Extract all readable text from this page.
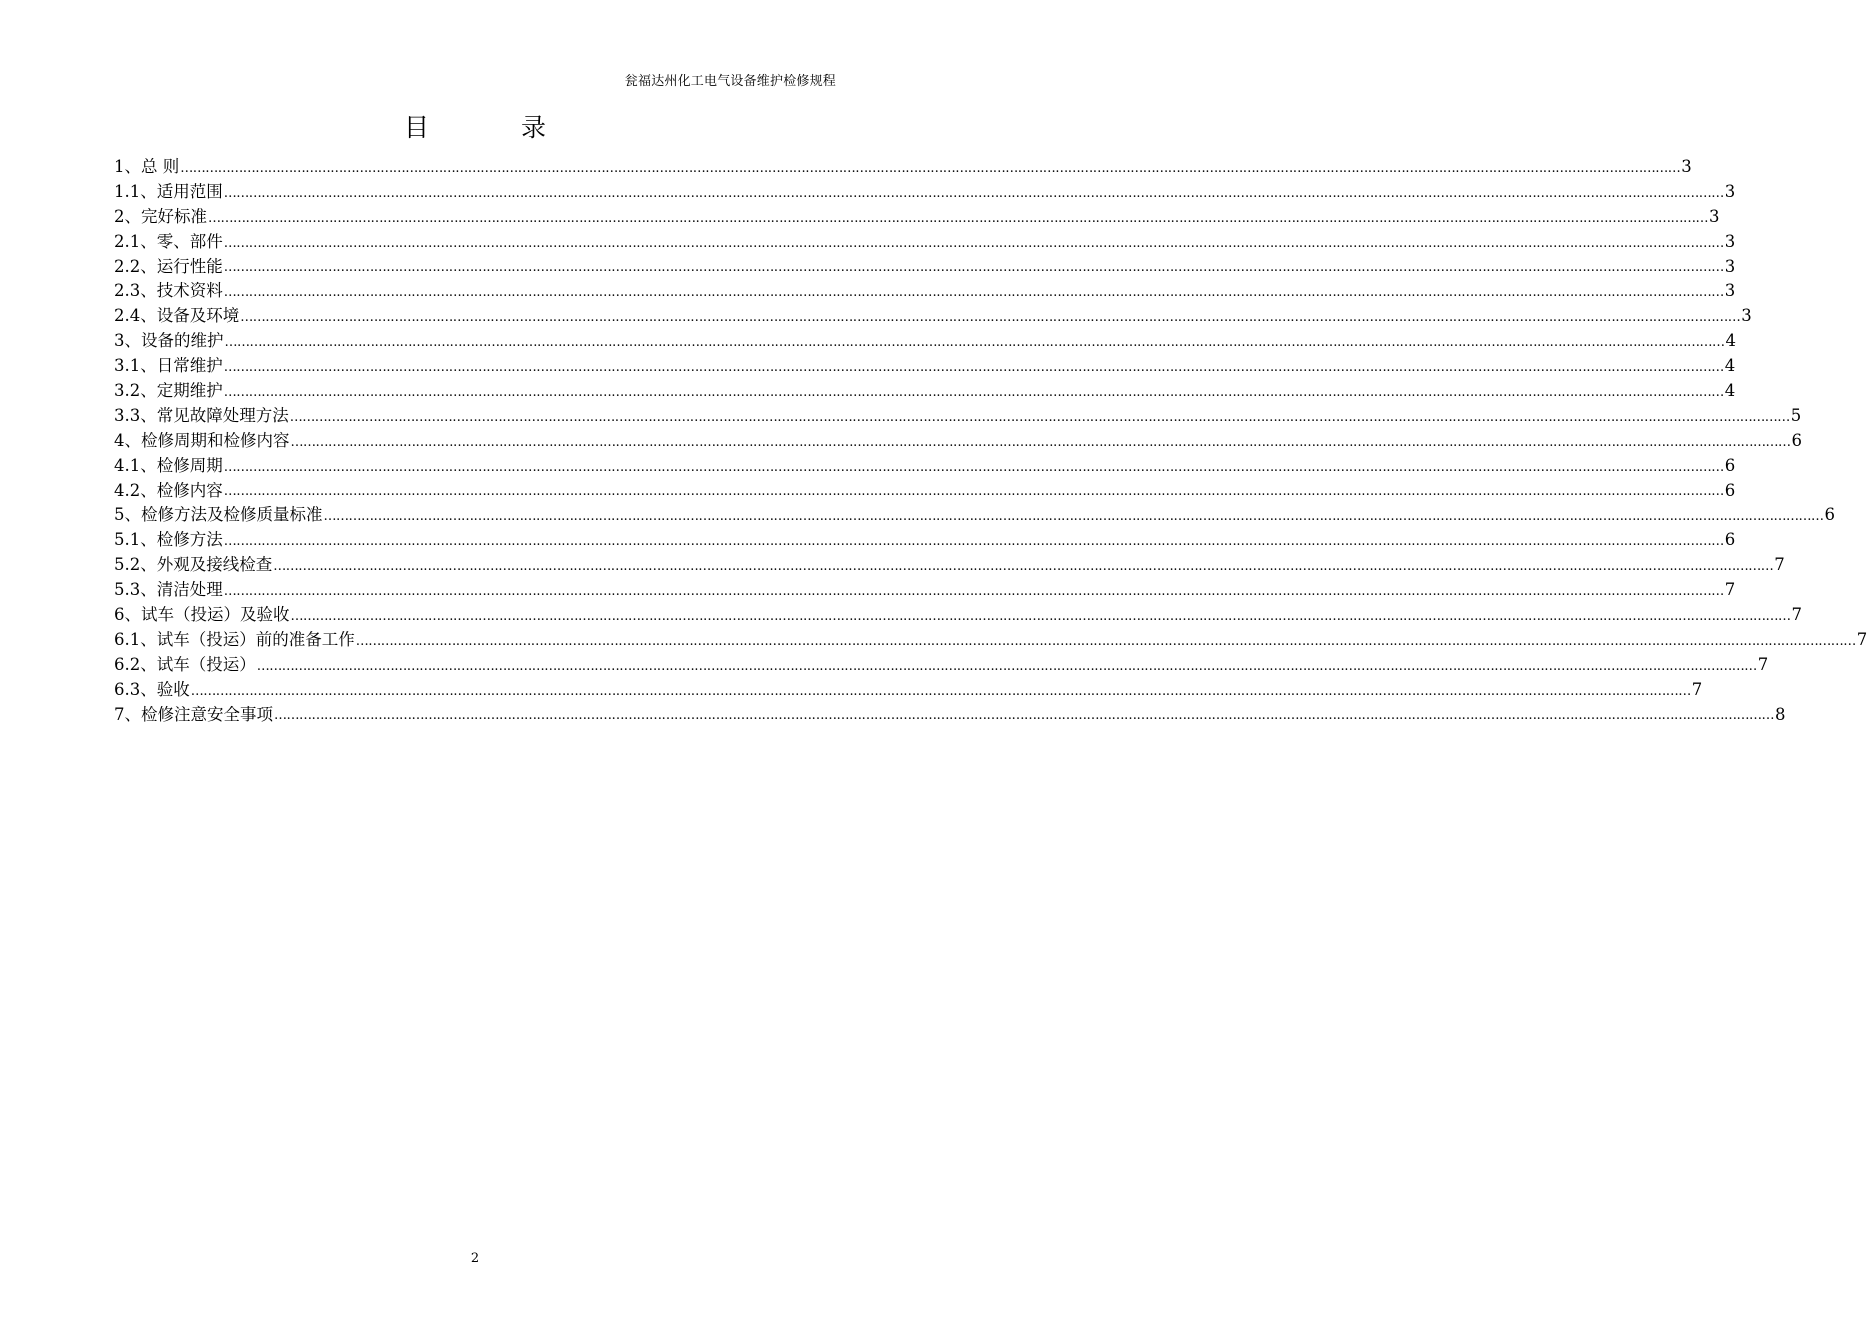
瓮福达州化工电气设备维护检修规程
目 录
1、总 则 ……………………………………………………………………………………………………………………………………………………………………………………………………………………………………………………………………………………………………………………………… 3
1.1、适用范围 ……………………………………………………………………………………………………………………………………………………………………………………………………………………………………………………………………………………………………………………………… 3
2、完好标准 ……………………………………………………………………………………………………………………………………………………………………………………………………………………………………………………………………………………………………………………………… 3
2.1、零、部件 ……………………………………………………………………………………………………………………………………………………………………………………………………………………………………………………………………………………………………………………………… 3
2.2、运行性能 ……………………………………………………………………………………………………………………………………………………………………………………………………………………………………………………………………………………………………………………………… 3
2.3、技术资料 ……………………………………………………………………………………………………………………………………………………………………………………………………………………………………………………………………………………………………………………………… 3
2.4、设备及环境 ……………………………………………………………………………………………………………………………………………………………………………………………………………………………………………………………………………………………………………………………… 3
3、设备的维护 ……………………………………………………………………………………………………………………………………………………………………………………………………………………………………………………………………………………………………………………………… 4
3.1、日常维护 ……………………………………………………………………………………………………………………………………………………………………………………………………………………………………………………………………………………………………………………………… 4
3.2、定期维护 ……………………………………………………………………………………………………………………………………………………………………………………………………………………………………………………………………………………………………………………………… 4
3.3、常见故障处理方法 ……………………………………………………………………………………………………………………………………………………………………………………………………………………………………………………………………………………………………………………………… 5
4、检修周期和检修内容 ……………………………………………………………………………………………………………………………………………………………………………………………………………………………………………………………………………………………………………………………… 6
4.1、检修周期 ……………………………………………………………………………………………………………………………………………………………………………………………………………………………………………………………………………………………………………………………… 6
4.2、检修内容 ……………………………………………………………………………………………………………………………………………………………………………………………………………………………………………………………………………………………………………………………… 6
5、检修方法及检修质量标准 ……………………………………………………………………………………………………………………………………………………………………………………………………………………………………………………………………………………………………………………………… 6
5.1、检修方法 ……………………………………………………………………………………………………………………………………………………………………………………………………………………………………………………………………………………………………………………………… 6
5.2、外观及接线检查 ……………………………………………………………………………………………………………………………………………………………………………………………………………………………………………………………………………………………………………………………… 7
5.3、清洁处理 ……………………………………………………………………………………………………………………………………………………………………………………………………………………………………………………………………………………………………………………………… 7
6、试车（投运）及验收 ……………………………………………………………………………………………………………………………………………………………………………………………………………………………………………………………………………………………………………………………… 7
6.1、试车（投运）前的准备工作 ……………………………………………………………………………………………………………………………………………………………………………………………………………………………………………………………………………………………………………………………… 7
6.2、试车（投运） ……………………………………………………………………………………………………………………………………………………………………………………………………………………………………………………………………………………………………………………………… 7
6.3、验收 ……………………………………………………………………………………………………………………………………………………………………………………………………………………………………………………………………………………………………………………………… 7
7、检修注意安全事项 ……………………………………………………………………………………………………………………………………………………………………………………………………………………………………………………………………………………………………………………………… 8
2
